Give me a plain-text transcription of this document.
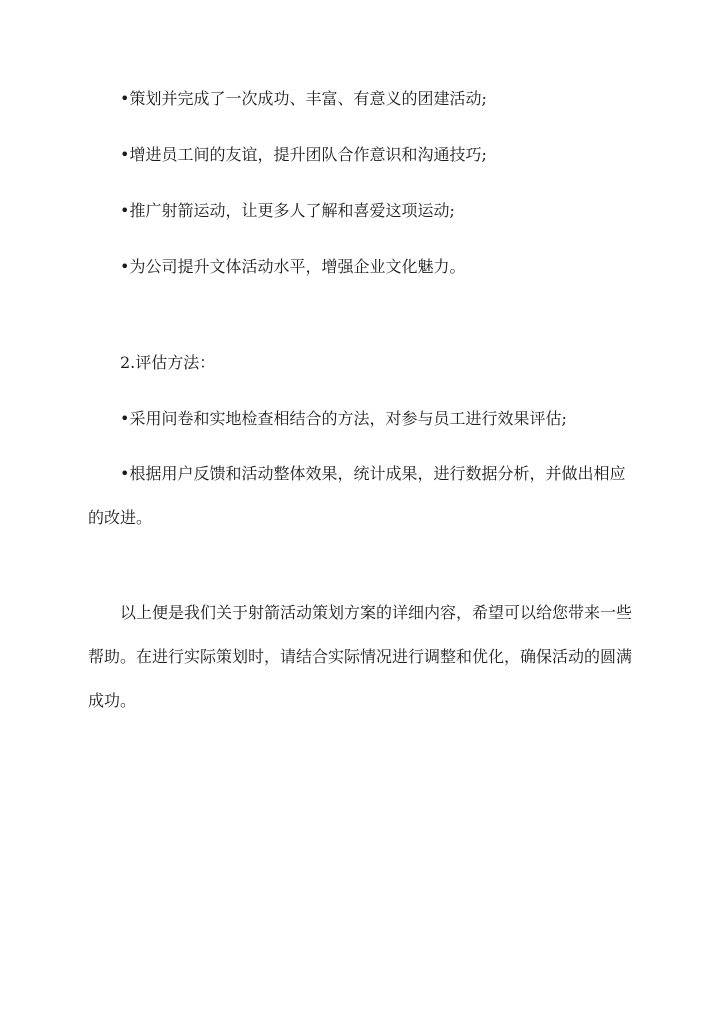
•策划并完成了一次成功、丰富、有意义的团建活动;
•增进员工间的友谊，提升团队合作意识和沟通技巧;
•推广射箭运动，让更多人了解和喜爱这项运动;
•为公司提升文体活动水平，增强企业文化魅力。
2.评估方法：
•采用问卷和实地检查相结合的方法，对参与员工进行效果评估;
•根据用户反馈和活动整体效果，统计成果，进行数据分析，并做出相应的改进。
以上便是我们关于射箭活动策划方案的详细内容，希望可以给您带来一些帮助。在进行实际策划时，请结合实际情况进行调整和优化，确保活动的圆满成功。
